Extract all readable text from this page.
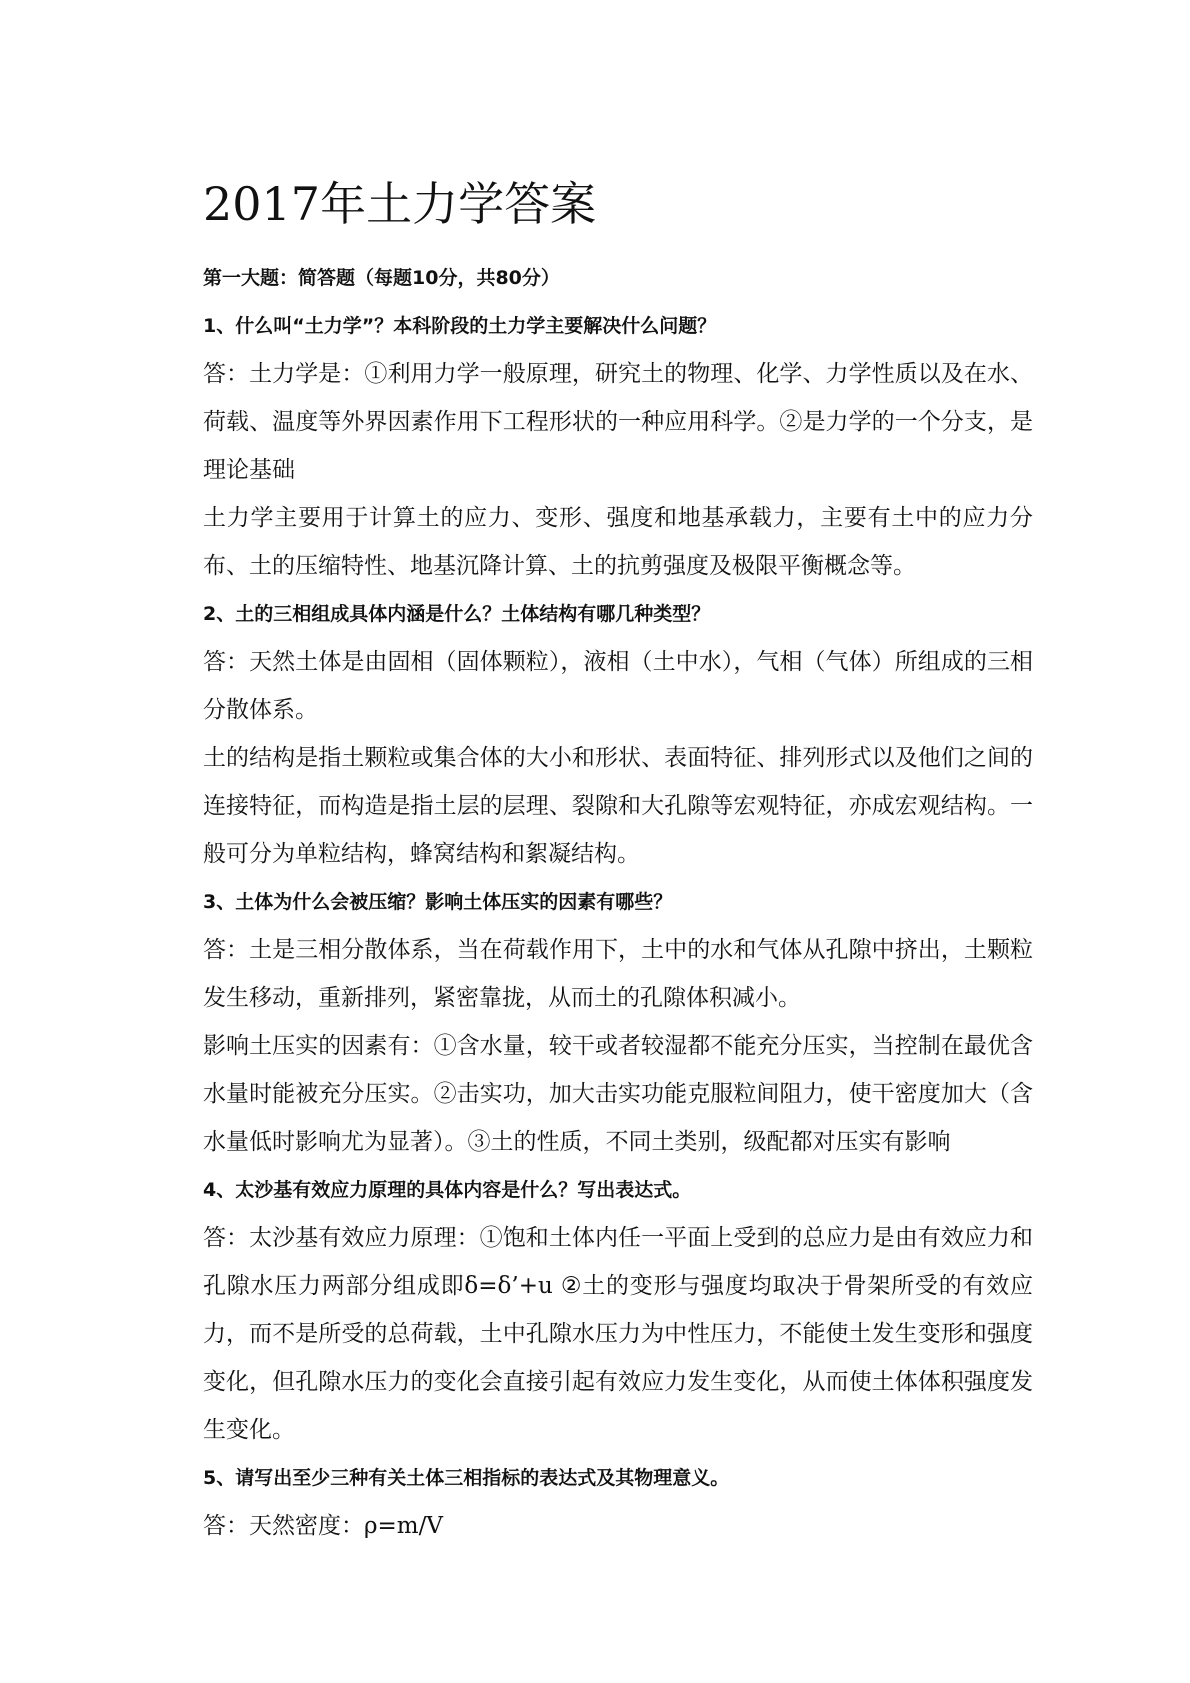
2017年土力学答案
第一大题：简答题（每题10分，共80分）
1、什么叫“土力学”？本科阶段的土力学主要解决什么问题？

答：土力学是：①利用力学一般原理，研究土的物理、化学、力学性质以及在水、荷载、温度等外界因素作用下工程形状的一种应用科学。②是力学的一个分支，是理论基础

土力学主要用于计算土的应力、变形、强度和地基承载力，主要有土中的应力分布、土的压缩特性、地基沉降计算、土的抗剪强度及极限平衡概念等。

2、土的三相组成具体内涵是什么？土体结构有哪几种类型？

答：天然土体是由固相（固体颗粒），液相（土中水），气相（气体）所组成的三相分散体系。

土的结构是指土颗粒或集合体的大小和形状、表面特征、排列形式以及他们之间的连接特征，而构造是指土层的层理、裂隙和大孔隙等宏观特征，亦成宏观结构。一般可分为单粒结构，蜂窝结构和絮凝结构。

3、土体为什么会被压缩？影响土体压实的因素有哪些？

答：土是三相分散体系，当在荷载作用下，土中的水和气体从孔隙中挤出，土颗粒发生移动，重新排列，紧密靠拢，从而土的孔隙体积减小。

影响土压实的因素有：①含水量，较干或者较湿都不能充分压实，当控制在最优含水量时能被充分压实。②击实功，加大击实功能克服粒间阻力，使干密度加大（含水量低时影响尤为显著）。③土的性质，不同土类别，级配都对压实有影响

4、太沙基有效应力原理的具体内容是什么？写出表达式。

答：太沙基有效应力原理：①饱和土体内任一平面上受到的总应力是由有效应力和孔隙水压力两部分组成即δ=δ’+u ②土的变形与强度均取决于骨架所受的有效应力，而不是所受的总荷载，土中孔隙水压力为中性压力，不能使土发生变形和强度变化，但孔隙水压力的变化会直接引起有效应力发生变化，从而使土体体积强度发生变化。

5、请写出至少三种有关土体三相指标的表达式及其物理意义。

答：天然密度：ρ=m/V
